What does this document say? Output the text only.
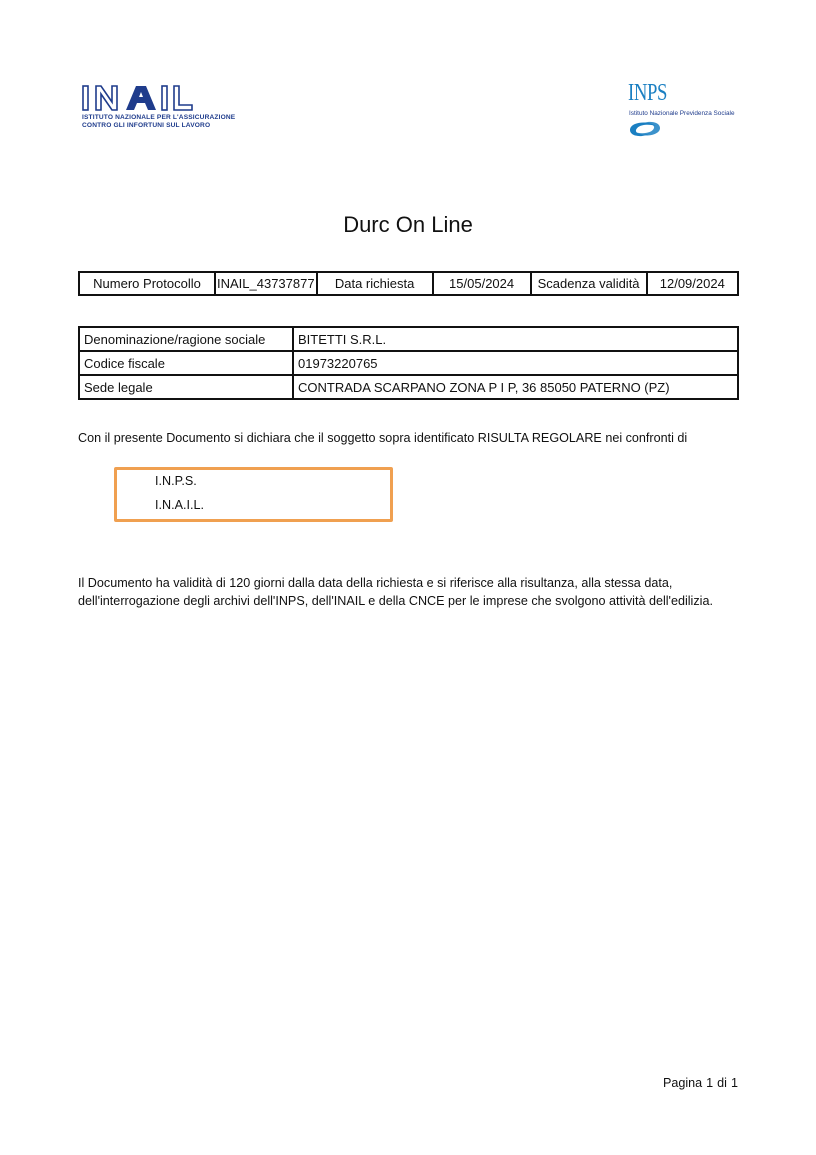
ISTITUTO NAZIONALE PER L'ASSICURAZIONE
CONTRO GLI INFORTUNI SUL LAVORO
INPS
Istituto Nazionale Previdenza Sociale
Durc On Line
Numero Protocollo	INAIL_43737877	Data richiesta	15/05/2024	Scadenza validità	12/09/2024
Denominazione/ragione sociale	BITETTI S.R.L.
Codice fiscale	01973220765
Sede legale	CONTRADA SCARPANO ZONA P I P, 36 85050 PATERNO (PZ)
Con il presente Documento si dichiara che il soggetto sopra identificato RISULTA REGOLARE nei confronti di
I.N.P.S.
I.N.A.I.L.
Il Documento ha validità di 120 giorni dalla data della richiesta e si riferisce alla risultanza, alla stessa data,
dell'interrogazione degli archivi dell'INPS, dell'INAIL e della CNCE per le imprese che svolgono attività dell'edilizia.
Pagina 1 di 1
